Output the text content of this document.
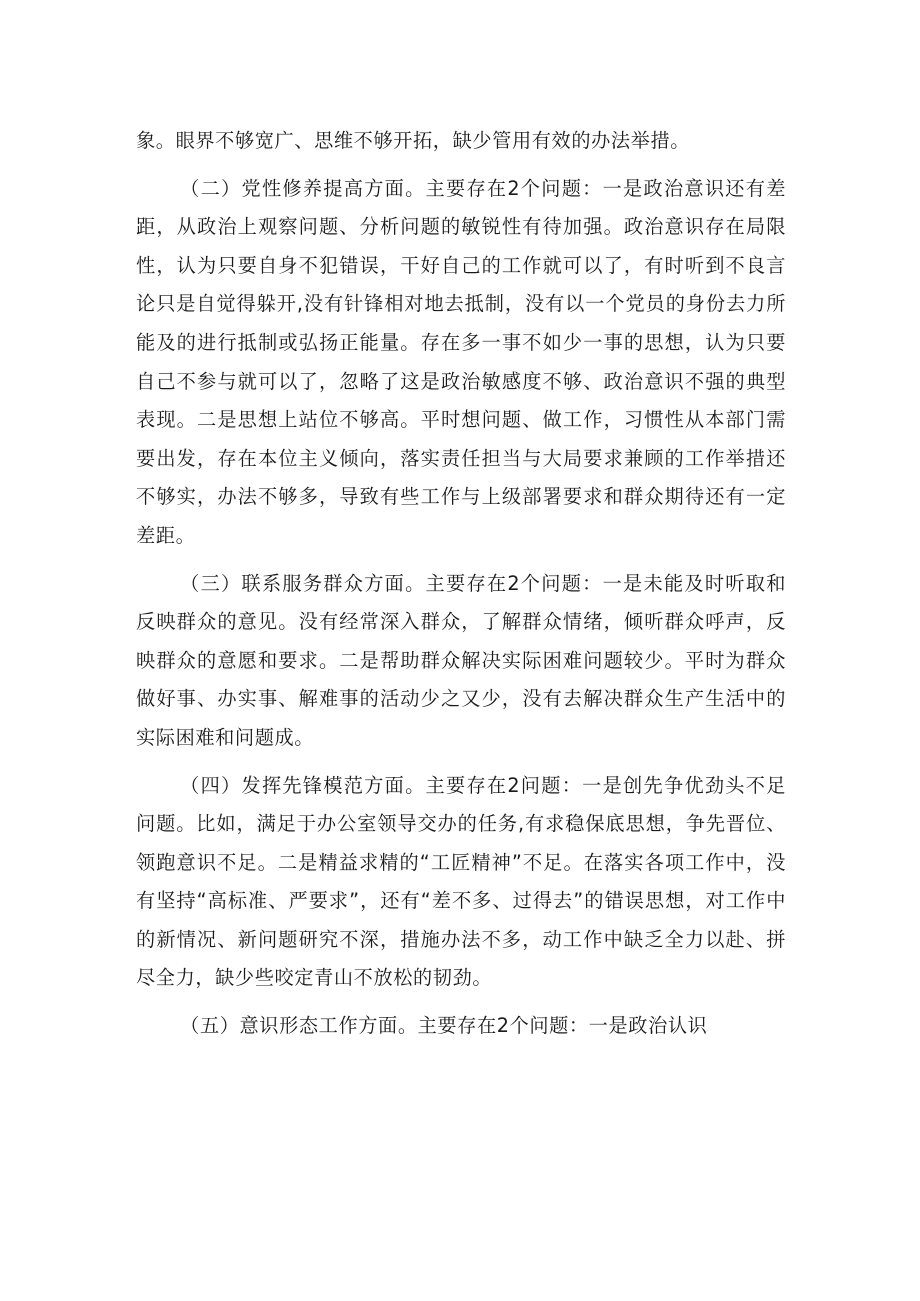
象。眼界不够宽广、思维不够开拓，缺少管用有效的办法举措。

（二）党性修养提高方面。主要存在2个问题：一是政治意识还有差距，从政治上观察问题、分析问题的敏锐性有待加强。政治意识存在局限性，认为只要自身不犯错误，干好自己的工作就可以了，有时听到不良言论只是自觉得躲开,没有针锋相对地去抵制，没有以一个党员的身份去力所能及的进行抵制或弘扬正能量。存在多一事不如少一事的思想，认为只要自己不参与就可以了，忽略了这是政治敏感度不够、政治意识不强的典型表现。二是思想上站位不够高。平时想问题、做工作，习惯性从本部门需要出发，存在本位主义倾向，落实责任担当与大局要求兼顾的工作举措还不够实，办法不够多，导致有些工作与上级部署要求和群众期待还有一定差距。

（三）联系服务群众方面。主要存在2个问题：一是未能及时听取和反映群众的意见。没有经常深入群众，了解群众情绪，倾听群众呼声，反映群众的意愿和要求。二是帮助群众解决实际困难问题较少。平时为群众做好事、办实事、解难事的活动少之又少，没有去解决群众生产生活中的实际困难和问题成。

（四）发挥先锋模范方面。主要存在2问题：一是创先争优劲头不足问题。比如，满足于办公室领导交办的任务,有求稳保底思想，争先晋位、领跑意识不足。二是精益求精的“工匠精神”不足。在落实各项工作中，没有坚持“高标准、严要求”，还有“差不多、过得去”的错误思想，对工作中的新情况、新问题研究不深，措施办法不多，动工作中缺乏全力以赴、拼尽全力，缺少些咬定青山不放松的韧劲。

（五）意识形态工作方面。主要存在2个问题：一是政治认识
